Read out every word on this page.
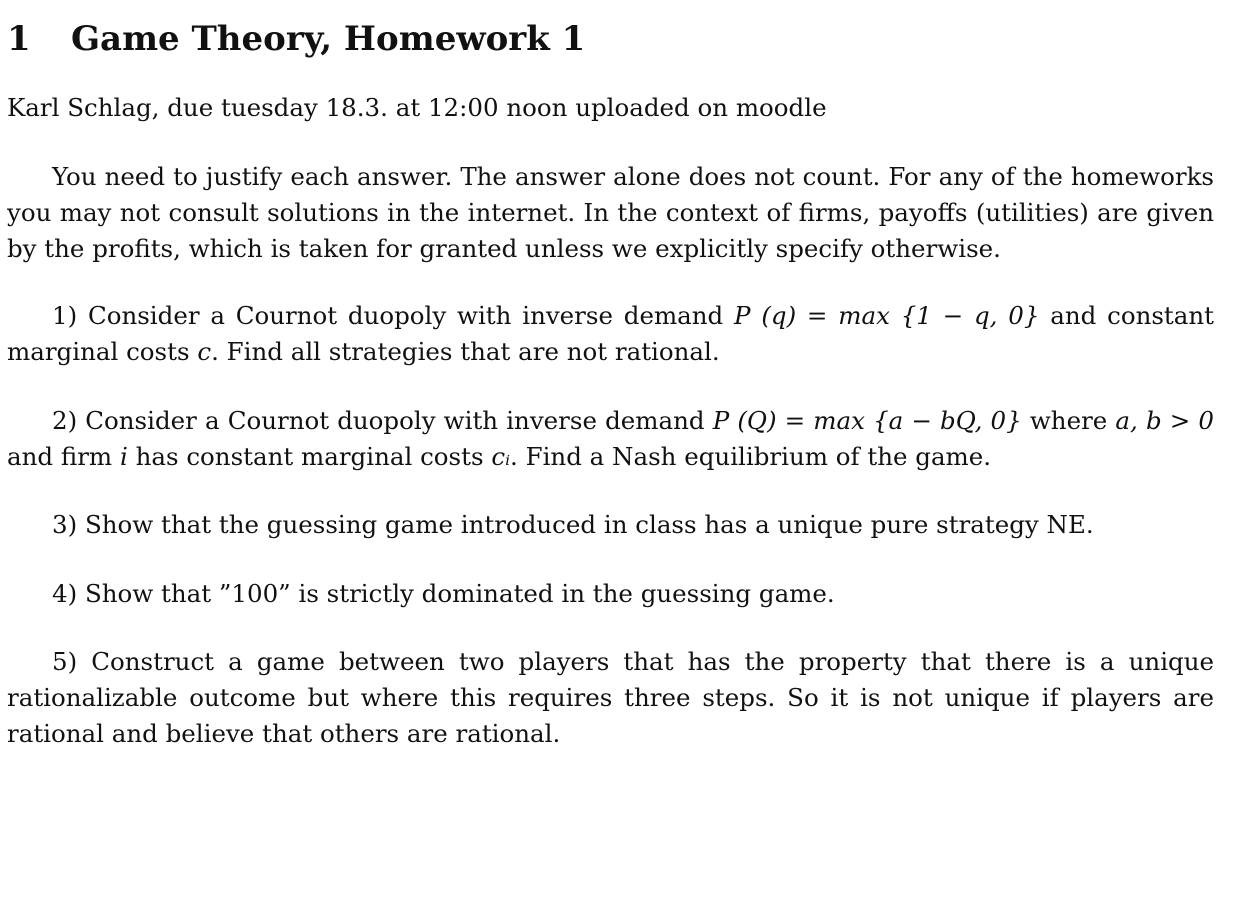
1 Game Theory, Homework 1
Karl Schlag, due tuesday 18.3. at 12:00 noon uploaded on moodle

You need to justify each answer. The answer alone does not count. For any of the homeworks you may not consult solutions in the internet. In the context of firms, payoffs (utilities) are given by the profits, which is taken for granted unless we explicitly specify otherwise.

1) Consider a Cournot duopoly with inverse demand P (q) = max {1 − q, 0} and constant marginal costs c. Find all strategies that are not rational.

2) Consider a Cournot duopoly with inverse demand P (Q) = max {a − bQ, 0} where a, b > 0 and firm i has constant marginal costs cᵢ. Find a Nash equilibrium of the game.

3) Show that the guessing game introduced in class has a unique pure strategy NE.

4) Show that ”100” is strictly dominated in the guessing game.

5) Construct a game between two players that has the property that there is a unique rationalizable outcome but where this requires three steps. So it is not unique if players are rational and believe that others are rational.
